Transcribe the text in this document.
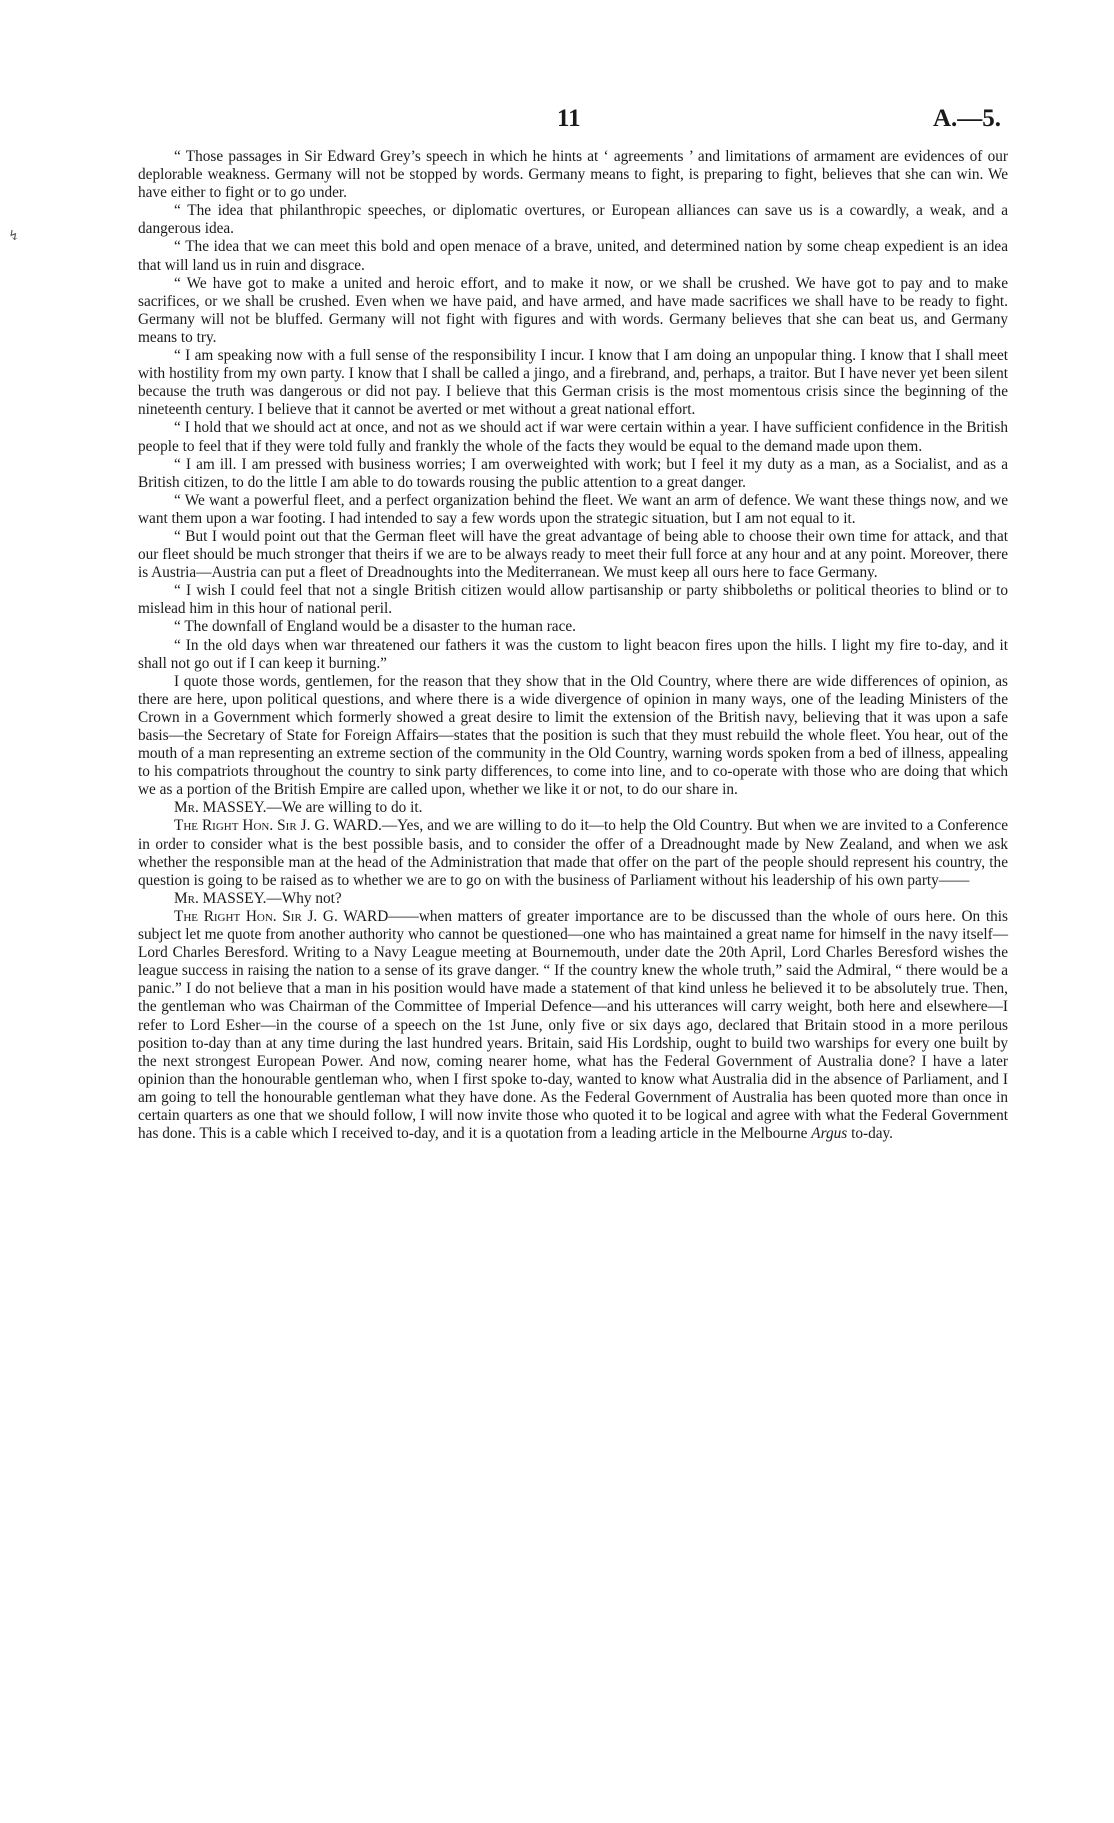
11	A.—5.
↯

“ Those passages in Sir Edward Grey’s speech in which he hints at ‘ agreements ’ and limitations of armament are evidences of our deplorable weakness. Germany will not be stopped by words. Germany means to fight, is preparing to fight, believes that she can win. We have either to fight or to go under.

“ The idea that philanthropic speeches, or diplomatic overtures, or European alliances can save us is a cowardly, a weak, and a dangerous idea.

“ The idea that we can meet this bold and open menace of a brave, united, and determined nation by some cheap expedient is an idea that will land us in ruin and disgrace.

“ We have got to make a united and heroic effort, and to make it now, or we shall be crushed. We have got to pay and to make sacrifices, or we shall be crushed. Even when we have paid, and have armed, and have made sacrifices we shall have to be ready to fight. Germany will not be bluffed. Germany will not fight with figures and with words. Germany believes that she can beat us, and Germany means to try.

“ I am speaking now with a full sense of the responsibility I incur. I know that I am doing an unpopular thing. I know that I shall meet with hostility from my own party. I know that I shall be called a jingo, and a firebrand, and, perhaps, a traitor. But I have never yet been silent because the truth was dangerous or did not pay. I believe that this German crisis is the most momentous crisis since the beginning of the nineteenth century. I believe that it cannot be averted or met without a great national effort.

“ I hold that we should act at once, and not as we should act if war were certain within a year. I have sufficient confidence in the British people to feel that if they were told fully and frankly the whole of the facts they would be equal to the demand made upon them.

“ I am ill. I am pressed with business worries; I am overweighted with work; but I feel it my duty as a man, as a Socialist, and as a British citizen, to do the little I am able to do towards rousing the public attention to a great danger.

“ We want a powerful fleet, and a perfect organization behind the fleet. We want an arm of defence. We want these things now, and we want them upon a war footing. I had intended to say a few words upon the strategic situation, but I am not equal to it.

“ But I would point out that the German fleet will have the great advantage of being able to choose their own time for attack, and that our fleet should be much stronger that theirs if we are to be always ready to meet their full force at any hour and at any point. Moreover, there is Austria—Austria can put a fleet of Dreadnoughts into the Mediterranean. We must keep all ours here to face Germany.

“ I wish I could feel that not a single British citizen would allow partisanship or party shibboleths or political theories to blind or to mislead him in this hour of national peril.

“ The downfall of England would be a disaster to the human race.

“ In the old days when war threatened our fathers it was the custom to light beacon fires upon the hills. I light my fire to-day, and it shall not go out if I can keep it burning.”

I quote those words, gentlemen, for the reason that they show that in the Old Country, where there are wide differences of opinion, as there are here, upon political questions, and where there is a wide divergence of opinion in many ways, one of the leading Ministers of the Crown in a Government which formerly showed a great desire to limit the extension of the British navy, believing that it was upon a safe basis—the Secretary of State for Foreign Affairs—states that the position is such that they must rebuild the whole fleet. You hear, out of the mouth of a man representing an extreme section of the community in the Old Country, warning words spoken from a bed of illness, appealing to his compatriots throughout the country to sink party differences, to come into line, and to co-operate with those who are doing that which we as a portion of the British Empire are called upon, whether we like it or not, to do our share in.

Mr. MASSEY.—We are willing to do it.

The Right Hon. Sir J. G. WARD.—Yes, and we are willing to do it—to help the Old Country. But when we are invited to a Conference in order to consider what is the best possible basis, and to consider the offer of a Dreadnought made by New Zealand, and when we ask whether the responsible man at the head of the Administration that made that offer on the part of the people should represent his country, the question is going to be raised as to whether we are to go on with the business of Parliament without his leadership of his own party——

Mr. MASSEY.—Why not?

The Right Hon. Sir J. G. WARD——when matters of greater importance are to be discussed than the whole of ours here. On this subject let me quote from another authority who cannot be questioned—one who has maintained a great name for himself in the navy itself—Lord Charles Beresford. Writing to a Navy League meeting at Bournemouth, under date the 20th April, Lord Charles Beresford wishes the league success in raising the nation to a sense of its grave danger. “ If the country knew the whole truth,” said the Admiral, “ there would be a panic.” I do not believe that a man in his position would have made a statement of that kind unless he believed it to be absolutely true. Then, the gentleman who was Chairman of the Committee of Imperial Defence—and his utterances will carry weight, both here and elsewhere—I refer to Lord Esher—in the course of a speech on the 1st June, only five or six days ago, declared that Britain stood in a more perilous position to-day than at any time during the last hundred years. Britain, said His Lordship, ought to build two warships for every one built by the next strongest European Power. And now, coming nearer home, what has the Federal Government of Australia done? I have a later opinion than the honourable gentleman who, when I first spoke to-day, wanted to know what Australia did in the absence of Parliament, and I am going to tell the honourable gentleman what they have done. As the Federal Government of Australia has been quoted more than once in certain quarters as one that we should follow, I will now invite those who quoted it to be logical and agree with what the Federal Government has done. This is a cable which I received to-day, and it is a quotation from a leading article in the Melbourne Argus to-day.
